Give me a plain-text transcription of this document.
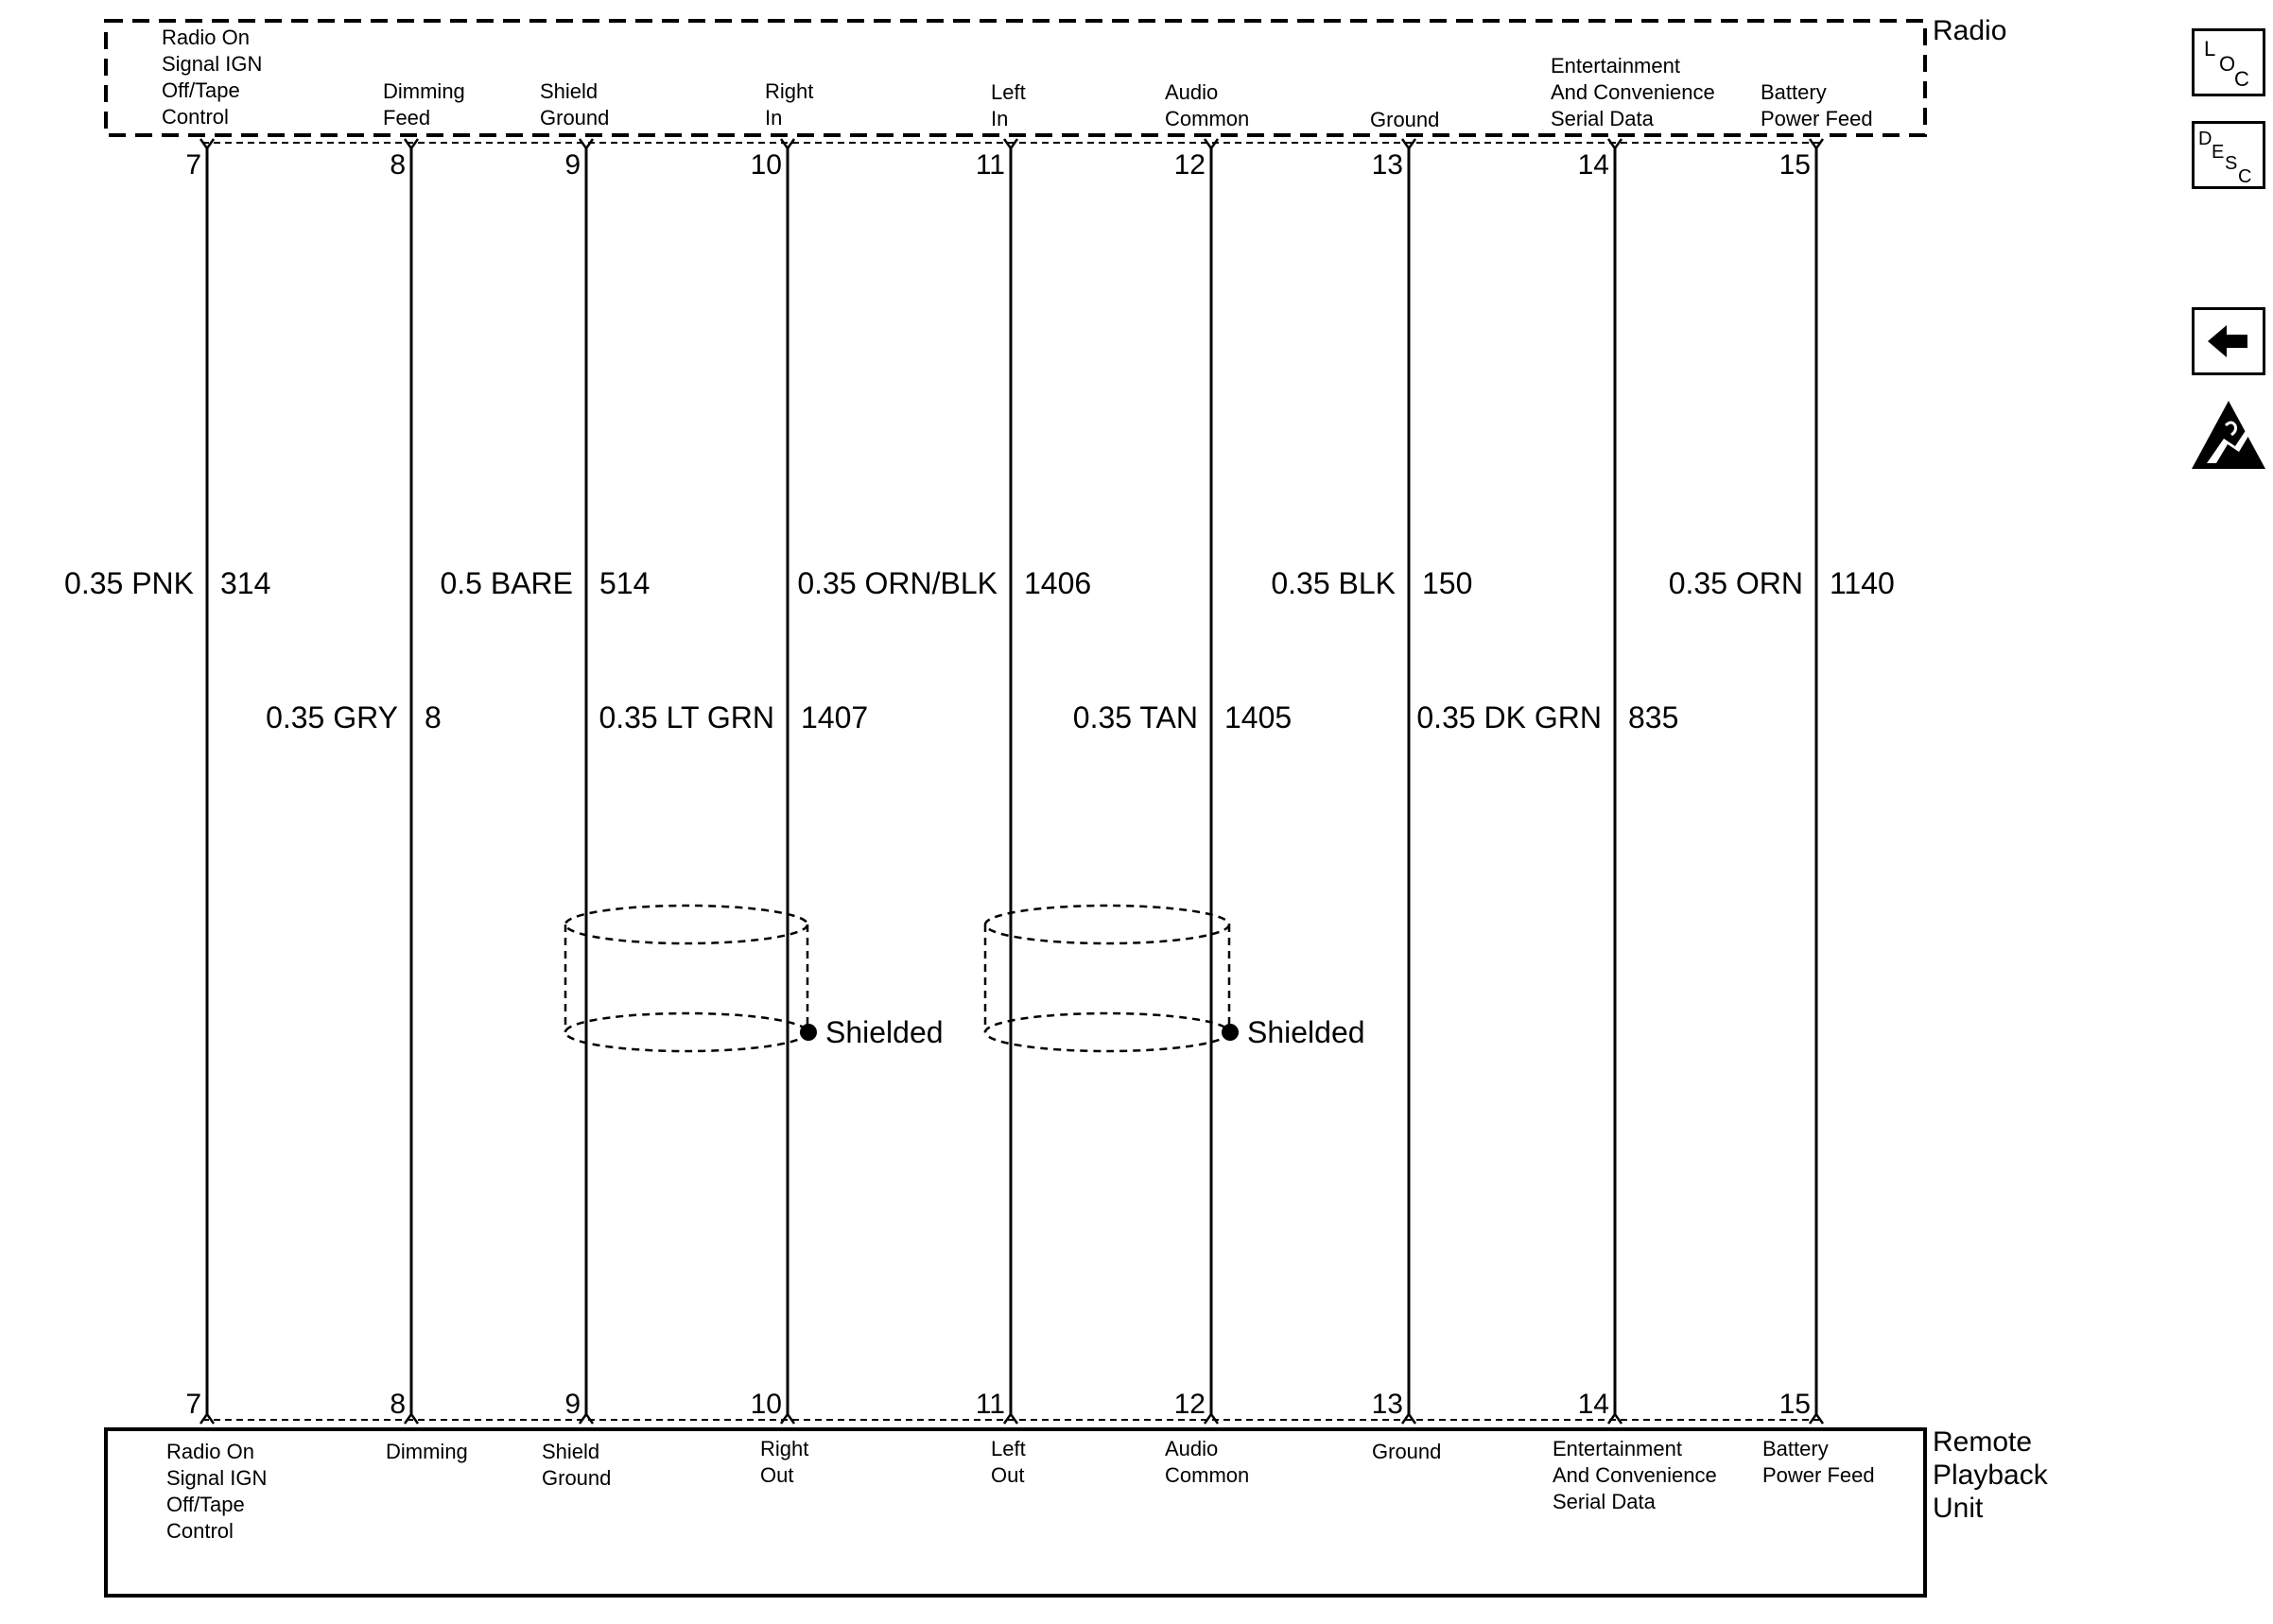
Radio
Remote
Playback
Unit
7
7
8
8
9
9
10
10
11
11
12
12
13
13
14
14
15
15
Radio On
Signal IGN
Off/Tape
Control
Radio On
Signal IGN
Off/Tape
Control
Dimming
Feed
Dimming
Shield
Ground
Shield
Ground
Right
In
Right
Out
Left
In
Left
Out
Audio
Common
Audio
Common
Ground
Ground
Entertainment
And Convenience
Serial Data
Entertainment
And Convenience
Serial Data
Battery
Power Feed
Battery
Power Feed
0.35 PNK 314
0.35 GRY 8
0.5 BARE 514
0.35 LT GRN 1407
0.35 ORN/BLK 1406
0.35 TAN 1405
0.35 BLK 150
0.35 DK GRN 835
0.35 ORN 1140
Shielded	Shielded
L
O
C
D
E
S
C
